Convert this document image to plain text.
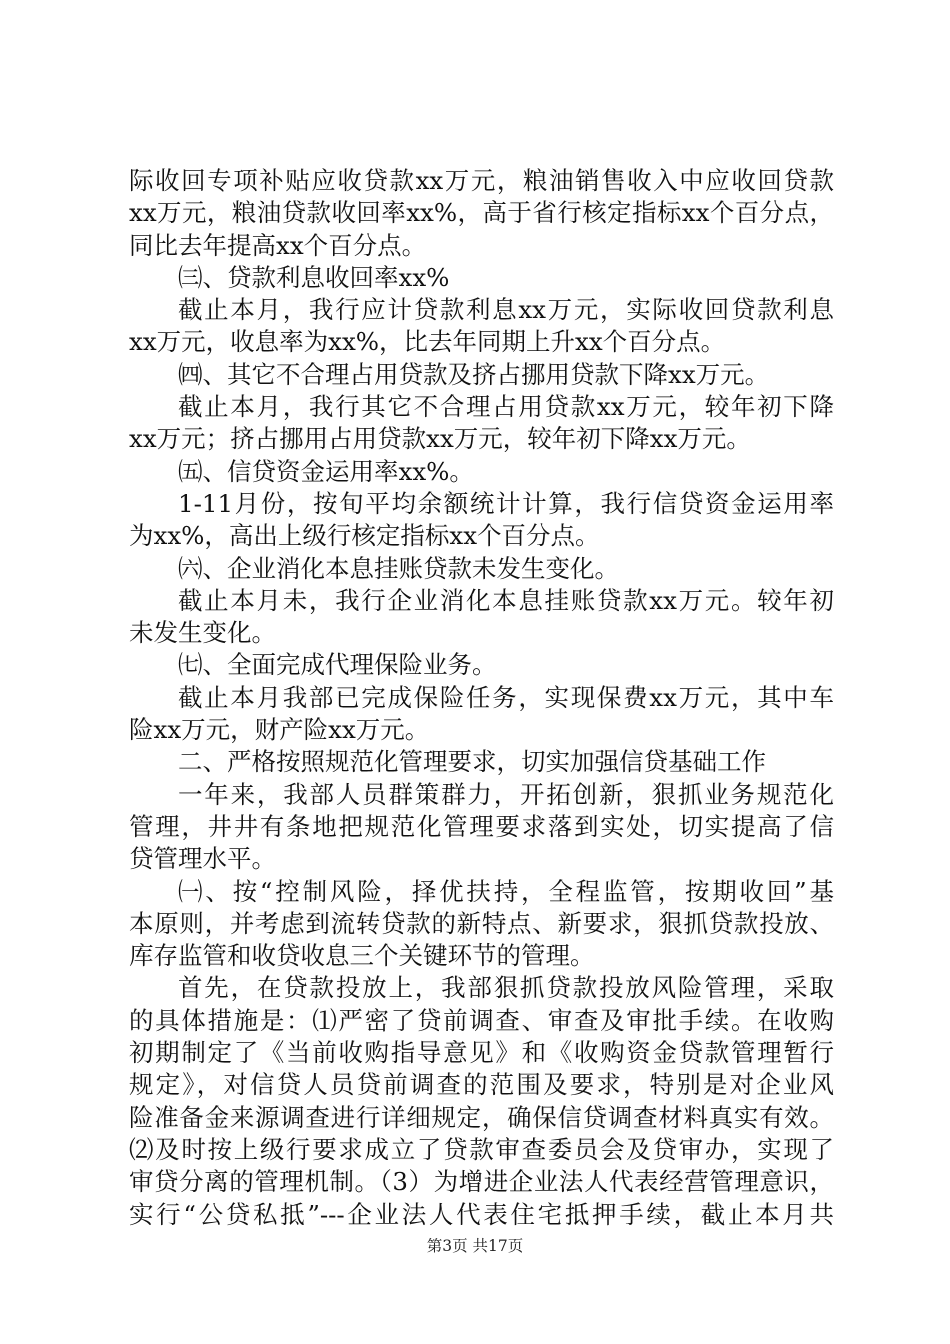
际收回专项补贴应收贷款xx万元，粮油销售收入中应收回贷款
xx万元，粮油贷款收回率xx%，高于省行核定指标xx个百分点，
同比去年提高xx个百分点。
㈢、贷款利息收回率xx%
截止本月，我行应计贷款利息xx万元，实际收回贷款利息
xx万元，收息率为xx%，比去年同期上升xx个百分点。
㈣、其它不合理占用贷款及挤占挪用贷款下降xx万元。
截止本月，我行其它不合理占用贷款xx万元，较年初下降
xx万元；挤占挪用占用贷款xx万元，较年初下降xx万元。
㈤、信贷资金运用率xx%。
1-11月份，按旬平均余额统计计算，我行信贷资金运用率
为xx%，高出上级行核定指标xx个百分点。
㈥、企业消化本息挂账贷款未发生变化。
截止本月未，我行企业消化本息挂账贷款xx万元。较年初
未发生变化。
㈦、全面完成代理保险业务。
截止本月我部已完成保险任务，实现保费xx万元，其中车
险xx万元，财产险xx万元。
二、严格按照规范化管理要求，切实加强信贷基础工作
一年来，我部人员群策群力，开拓创新，狠抓业务规范化
管理，井井有条地把规范化管理要求落到实处，切实提高了信
贷管理水平。
㈠、按“控制风险，择优扶持，全程监管，按期收回”基
本原则，并考虑到流转贷款的新特点、新要求，狠抓贷款投放、
库存监管和收贷收息三个关键环节的管理。
首先，在贷款投放上，我部狠抓贷款投放风险管理，采取
的具体措施是：⑴严密了贷前调查、审查及审批手续。在收购
初期制定了《当前收购指导意见》和《收购资金贷款管理暂行
规定》，对信贷人员贷前调查的范围及要求，特别是对企业风
险准备金来源调查进行详细规定，确保信贷调查材料真实有效。
⑵及时按上级行要求成立了贷款审查委员会及贷审办，实现了
审贷分离的管理机制。（3）为增进企业法人代表经营管理意识，
实行“公贷私抵”---企业法人代表住宅抵押手续，截止本月共
第3页 共17页
